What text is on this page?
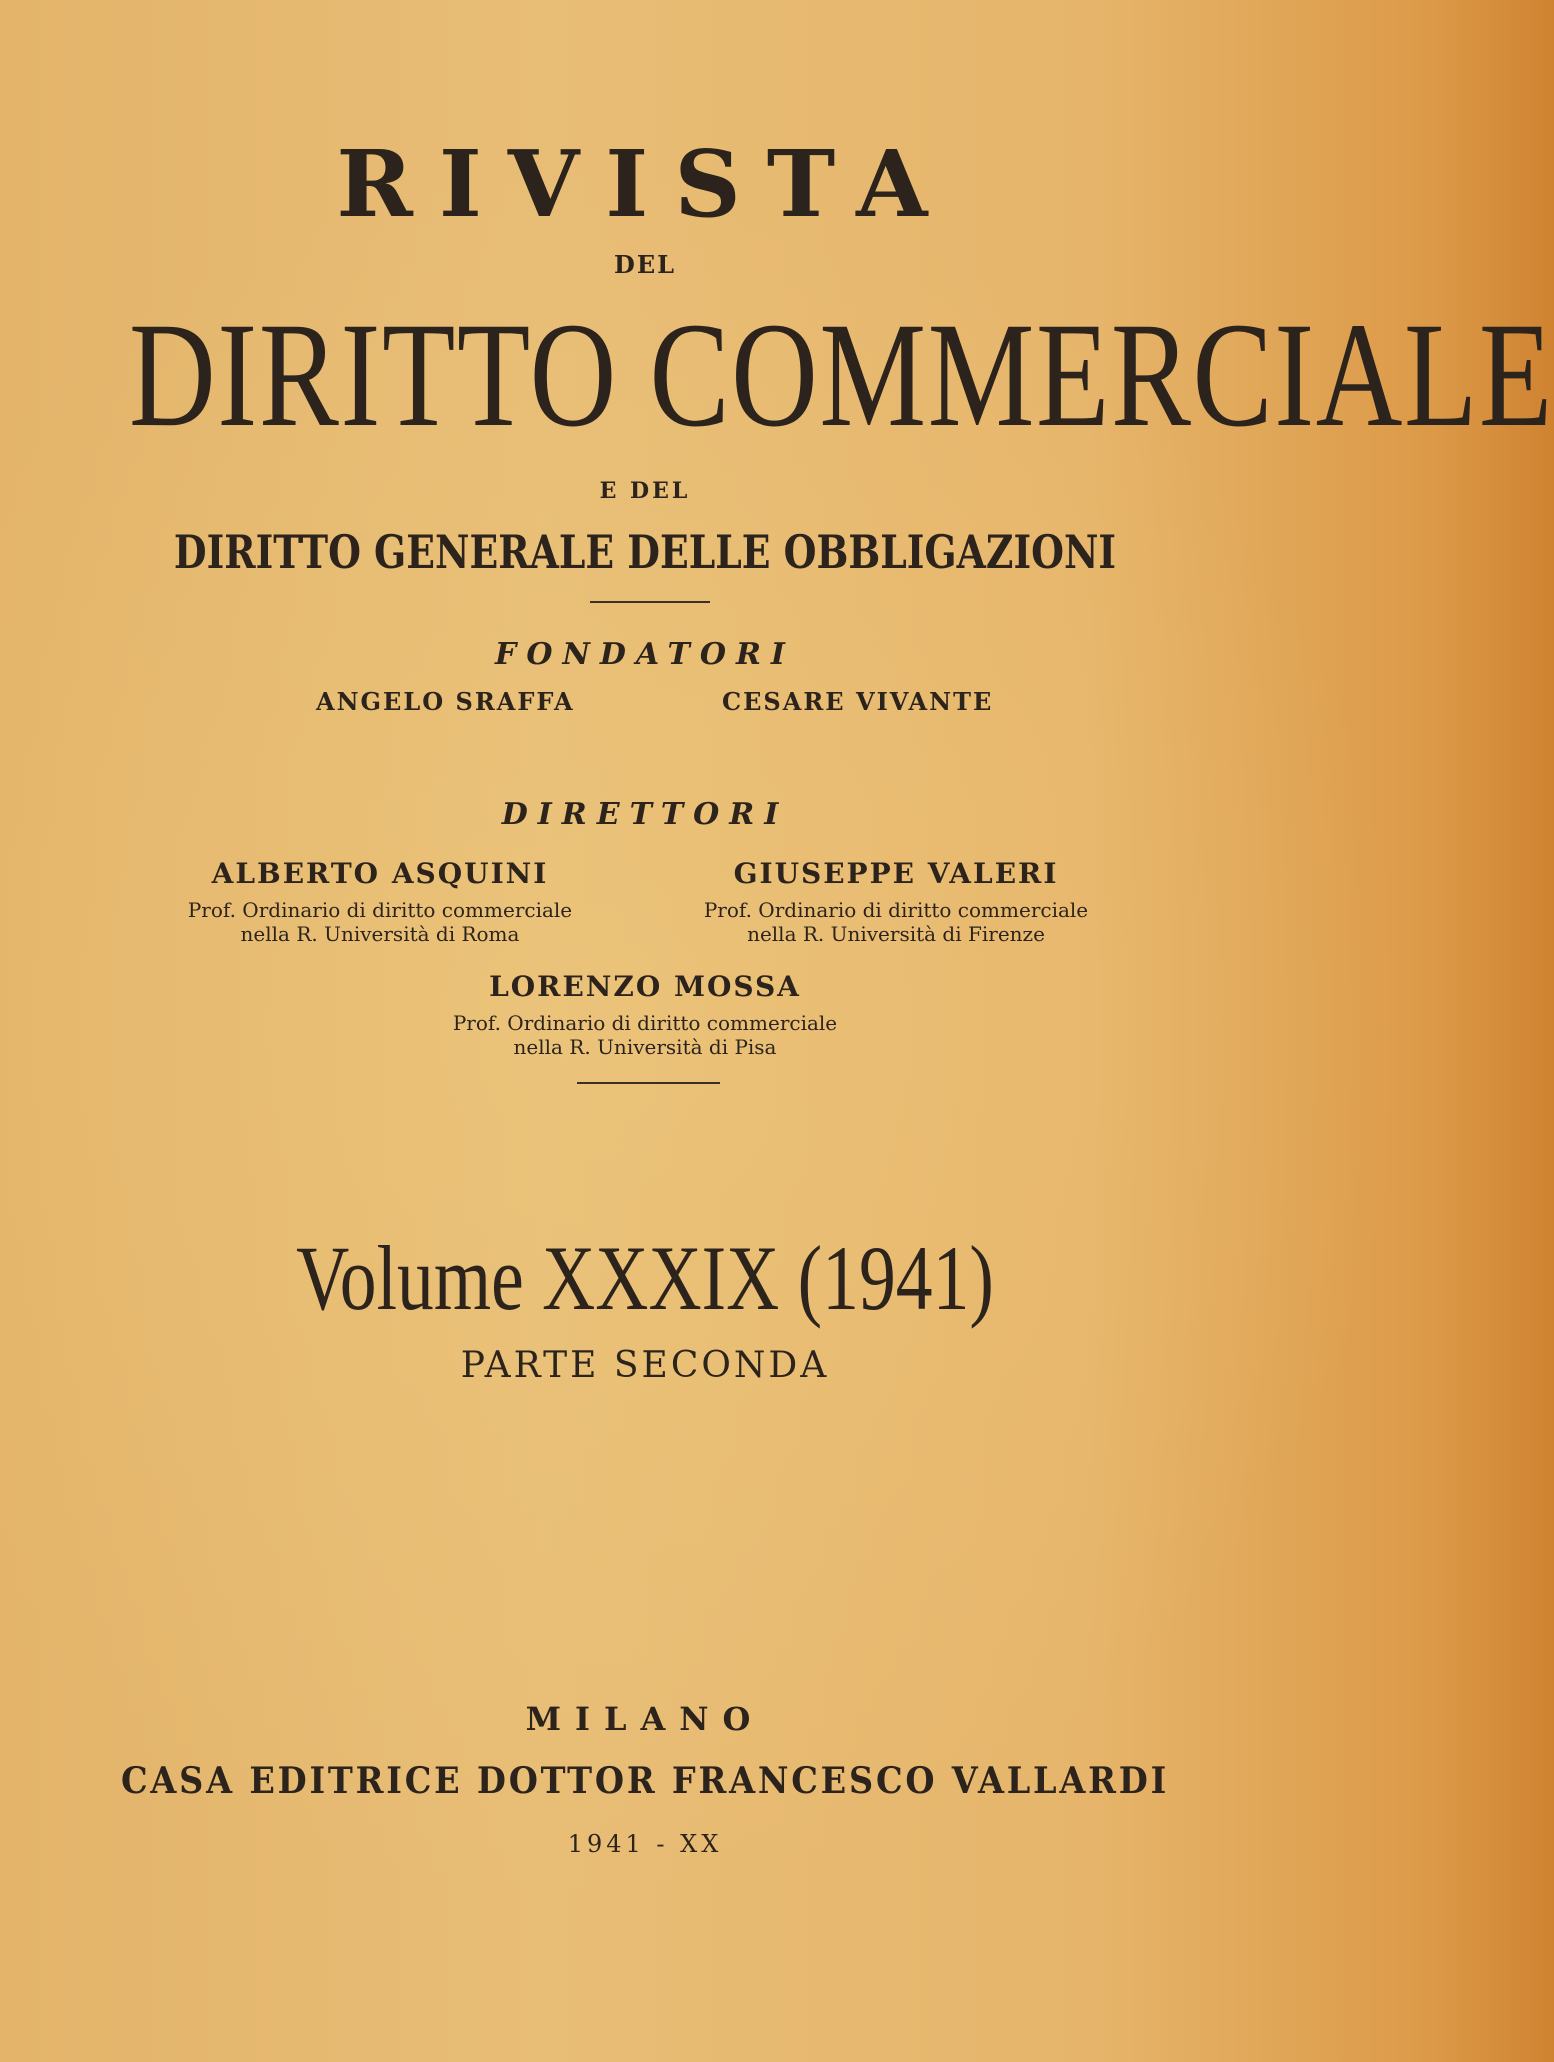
RIVISTA
DEL
DIRITTO COMMERCIALE
E DEL
DIRITTO GENERALE DELLE OBBLIGAZIONI
FONDATORI
ANGELO SRAFFA	CESARE VIVANTE
DIRETTORI
ALBERTO ASQUINI
Prof. Ordinario di diritto commerciale
nella R. Università di Roma
GIUSEPPE VALERI
Prof. Ordinario di diritto commerciale
nella R. Università di Firenze
LORENZO MOSSA
Prof. Ordinario di diritto commerciale
nella R. Università di Pisa
Volume XXXIX (1941)
PARTE SECONDA
MILANO
CASA EDITRICE DOTTOR FRANCESCO VALLARDI
1941 - XX
